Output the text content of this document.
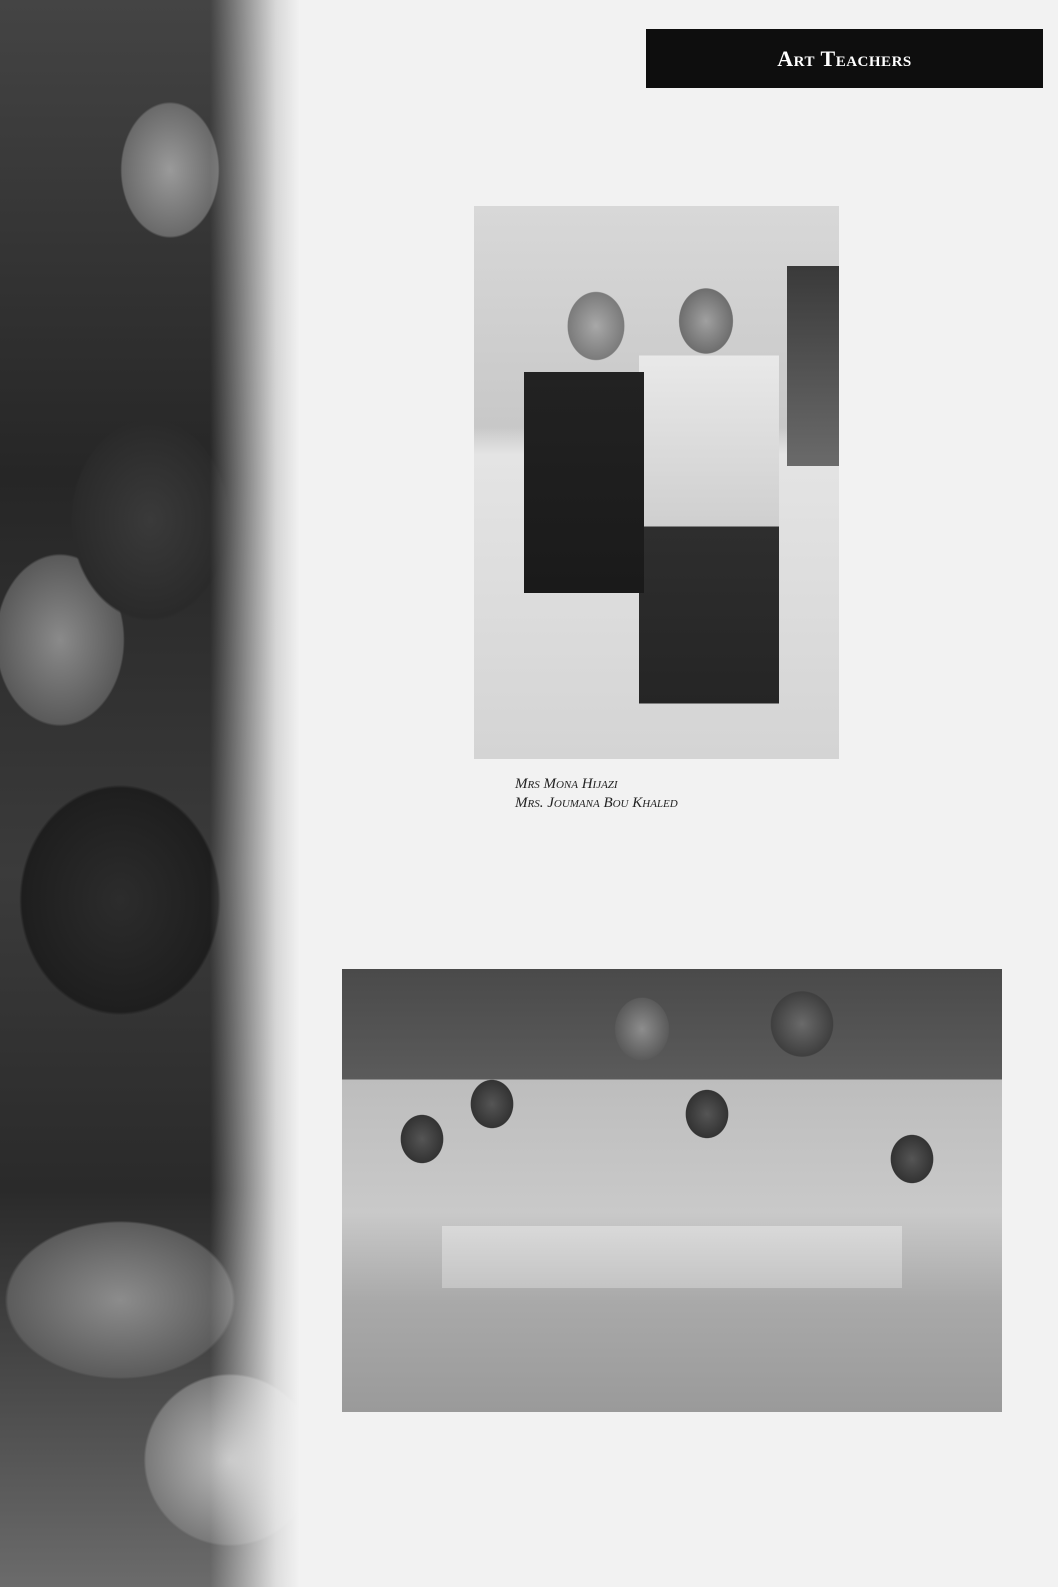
Art Teachers
Mrs Mona Hijazi
Mrs. Joumana Bou Khaled
